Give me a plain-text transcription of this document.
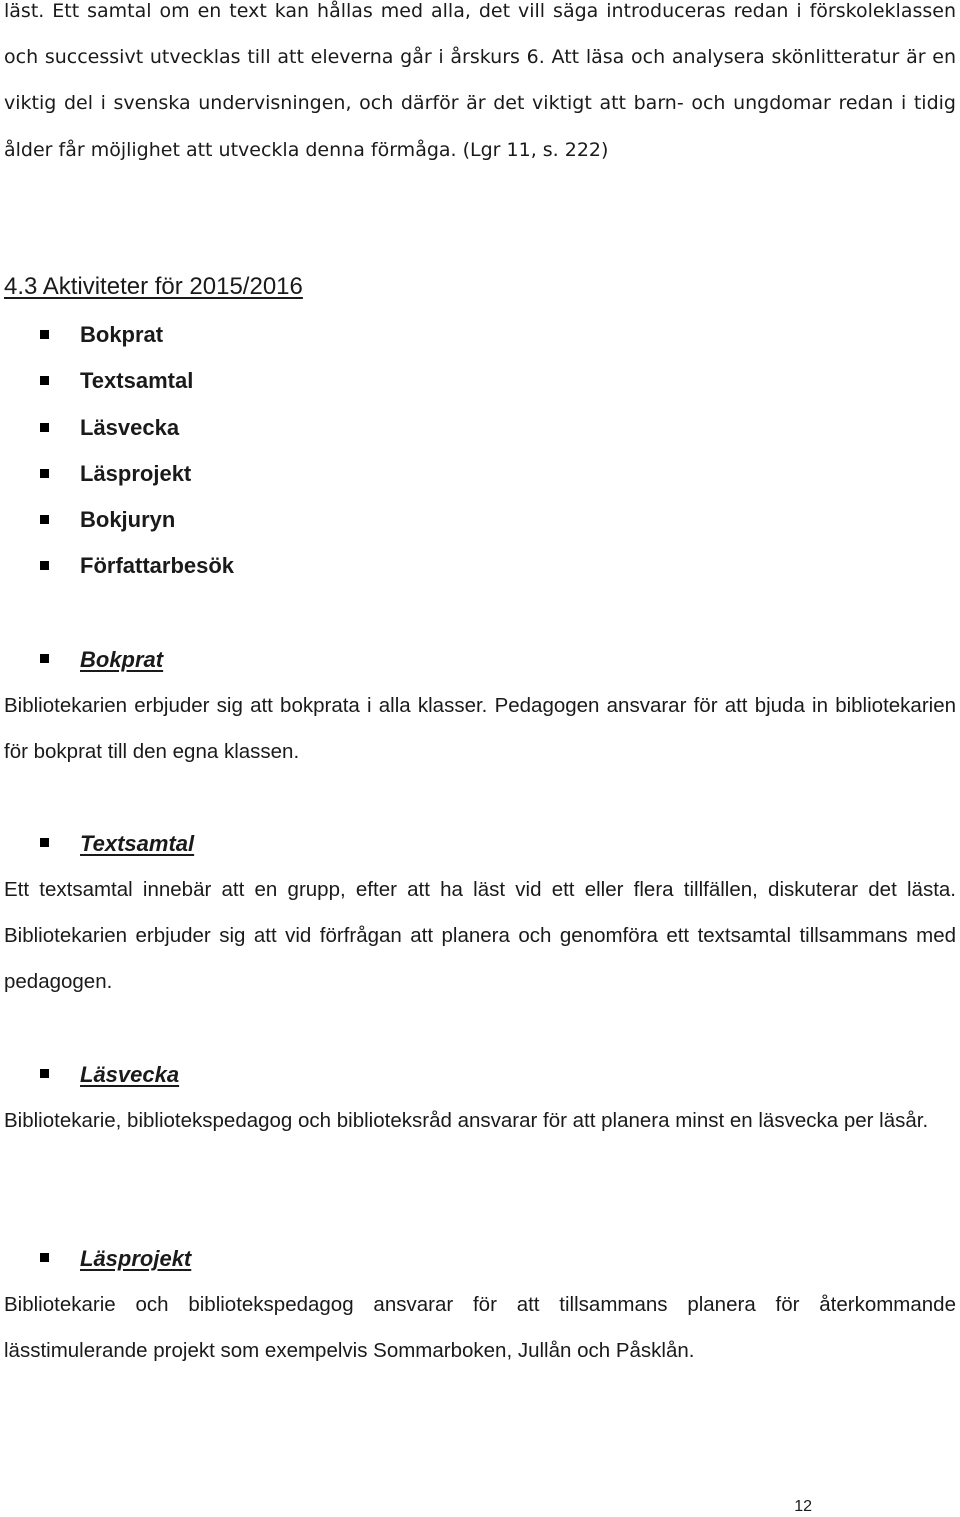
läst. Ett samtal om en text kan hållas med alla, det vill säga introduceras redan i förskoleklassen och successivt utvecklas till att eleverna går i årskurs 6. Att läsa och analysera skönlitteratur är en viktig del i svenska undervisningen, och därför är det viktigt att barn- och ungdomar redan i tidig ålder får möjlighet att utveckla denna förmåga. (Lgr 11, s. 222)

4.3 Aktiviteter för 2015/2016
Bokprat
Textsamtal
Läsvecka
Läsprojekt
Bokjuryn
Författarbesök
Bokprat

Bibliotekarien erbjuder sig att bokprata i alla klasser. Pedagogen ansvarar för att bjuda in bibliotekarien för bokprat till den egna klassen.

Textsamtal

Ett textsamtal innebär att en grupp, efter att ha läst vid ett eller flera tillfällen, diskuterar det lästa. Bibliotekarien erbjuder sig att vid förfrågan att planera och genomföra ett textsamtal tillsammans med pedagogen.

Läsvecka

Bibliotekarie, bibliotekspedagog och biblioteksråd ansvarar för att planera minst en läsvecka per läsår.

Läsprojekt

Bibliotekarie och bibliotekspedagog ansvarar för att tillsammans planera för återkommande lässtimulerande projekt som exempelvis Sommarboken, Jullån och Påsklån.

12
